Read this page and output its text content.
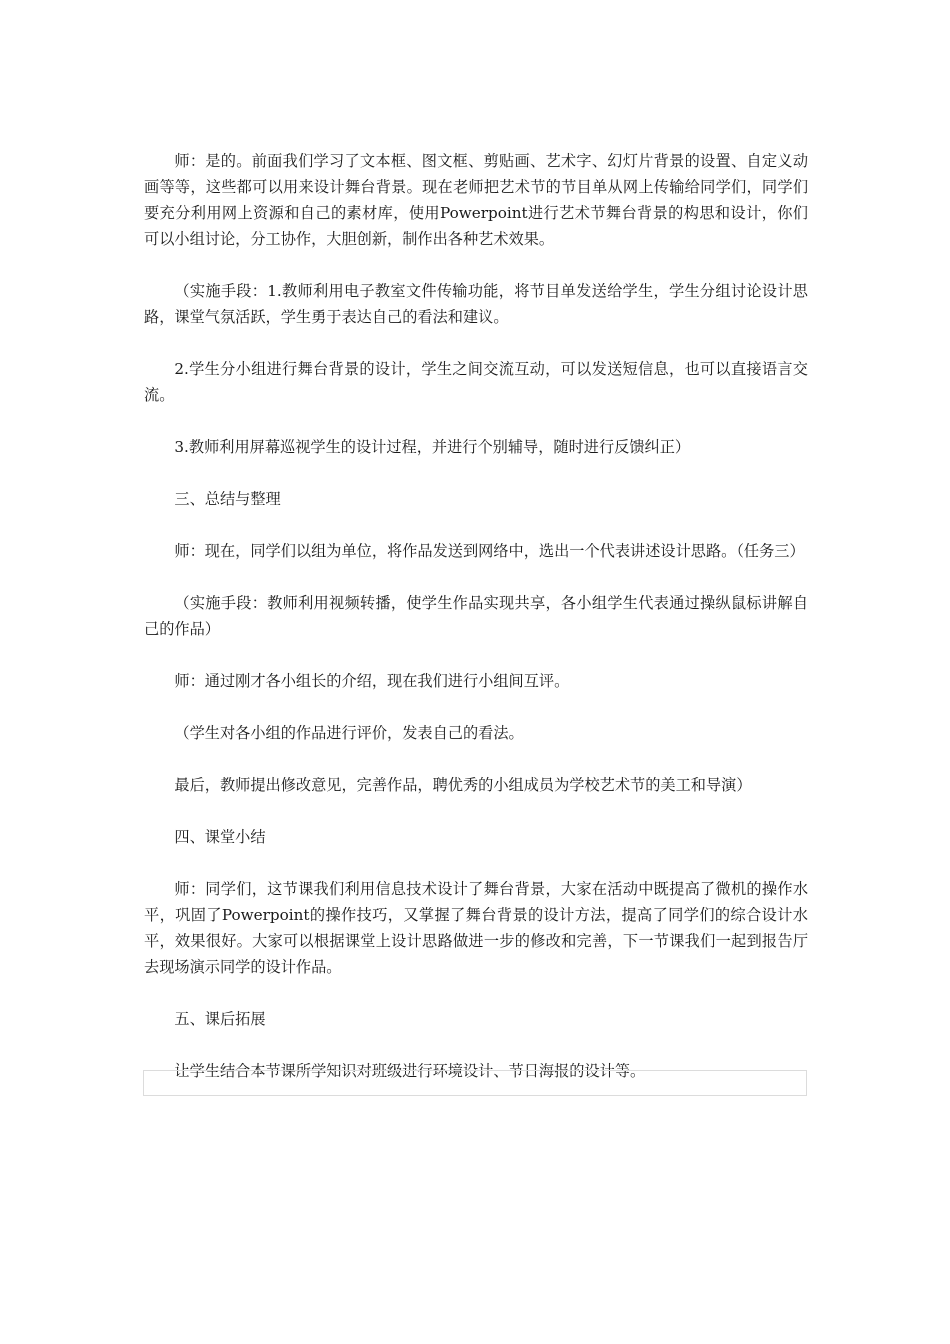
师：是的。前面我们学习了文本框、图文框、剪贴画、艺术字、幻灯片背景的设置、自定义动画等等，这些都可以用来设计舞台背景。现在老师把艺术节的节目单从网上传输给同学们，同学们要充分利用网上资源和自己的素材库，使用Powerpoint进行艺术节舞台背景的构思和设计，你们可以小组讨论，分工协作，大胆创新，制作出各种艺术效果。

（实施手段：1.教师利用电子教室文件传输功能，将节目单发送给学生，学生分组讨论设计思路，课堂气氛活跃，学生勇于表达自己的看法和建议。

2.学生分小组进行舞台背景的设计，学生之间交流互动，可以发送短信息，也可以直接语言交流。

3.教师利用屏幕巡视学生的设计过程，并进行个别辅导，随时进行反馈纠正）

三、总结与整理

师：现在，同学们以组为单位，将作品发送到网络中，选出一个代表讲述设计思路。（任务三）

（实施手段：教师利用视频转播，使学生作品实现共享，各小组学生代表通过操纵鼠标讲解自己的作品）

师：通过刚才各小组长的介绍，现在我们进行小组间互评。

（学生对各小组的作品进行评价，发表自己的看法。

最后，教师提出修改意见，完善作品，聘优秀的小组成员为学校艺术节的美工和导演）

四、课堂小结

师：同学们，这节课我们利用信息技术设计了舞台背景，大家在活动中既提高了微机的操作水平，巩固了Powerpoint的操作技巧，又掌握了舞台背景的设计方法，提高了同学们的综合设计水平，效果很好。大家可以根据课堂上设计思路做进一步的修改和完善，下一节课我们一起到报告厅去现场演示同学的设计作品。

五、课后拓展

让学生结合本节课所学知识对班级进行环境设计、节日海报的设计等。
